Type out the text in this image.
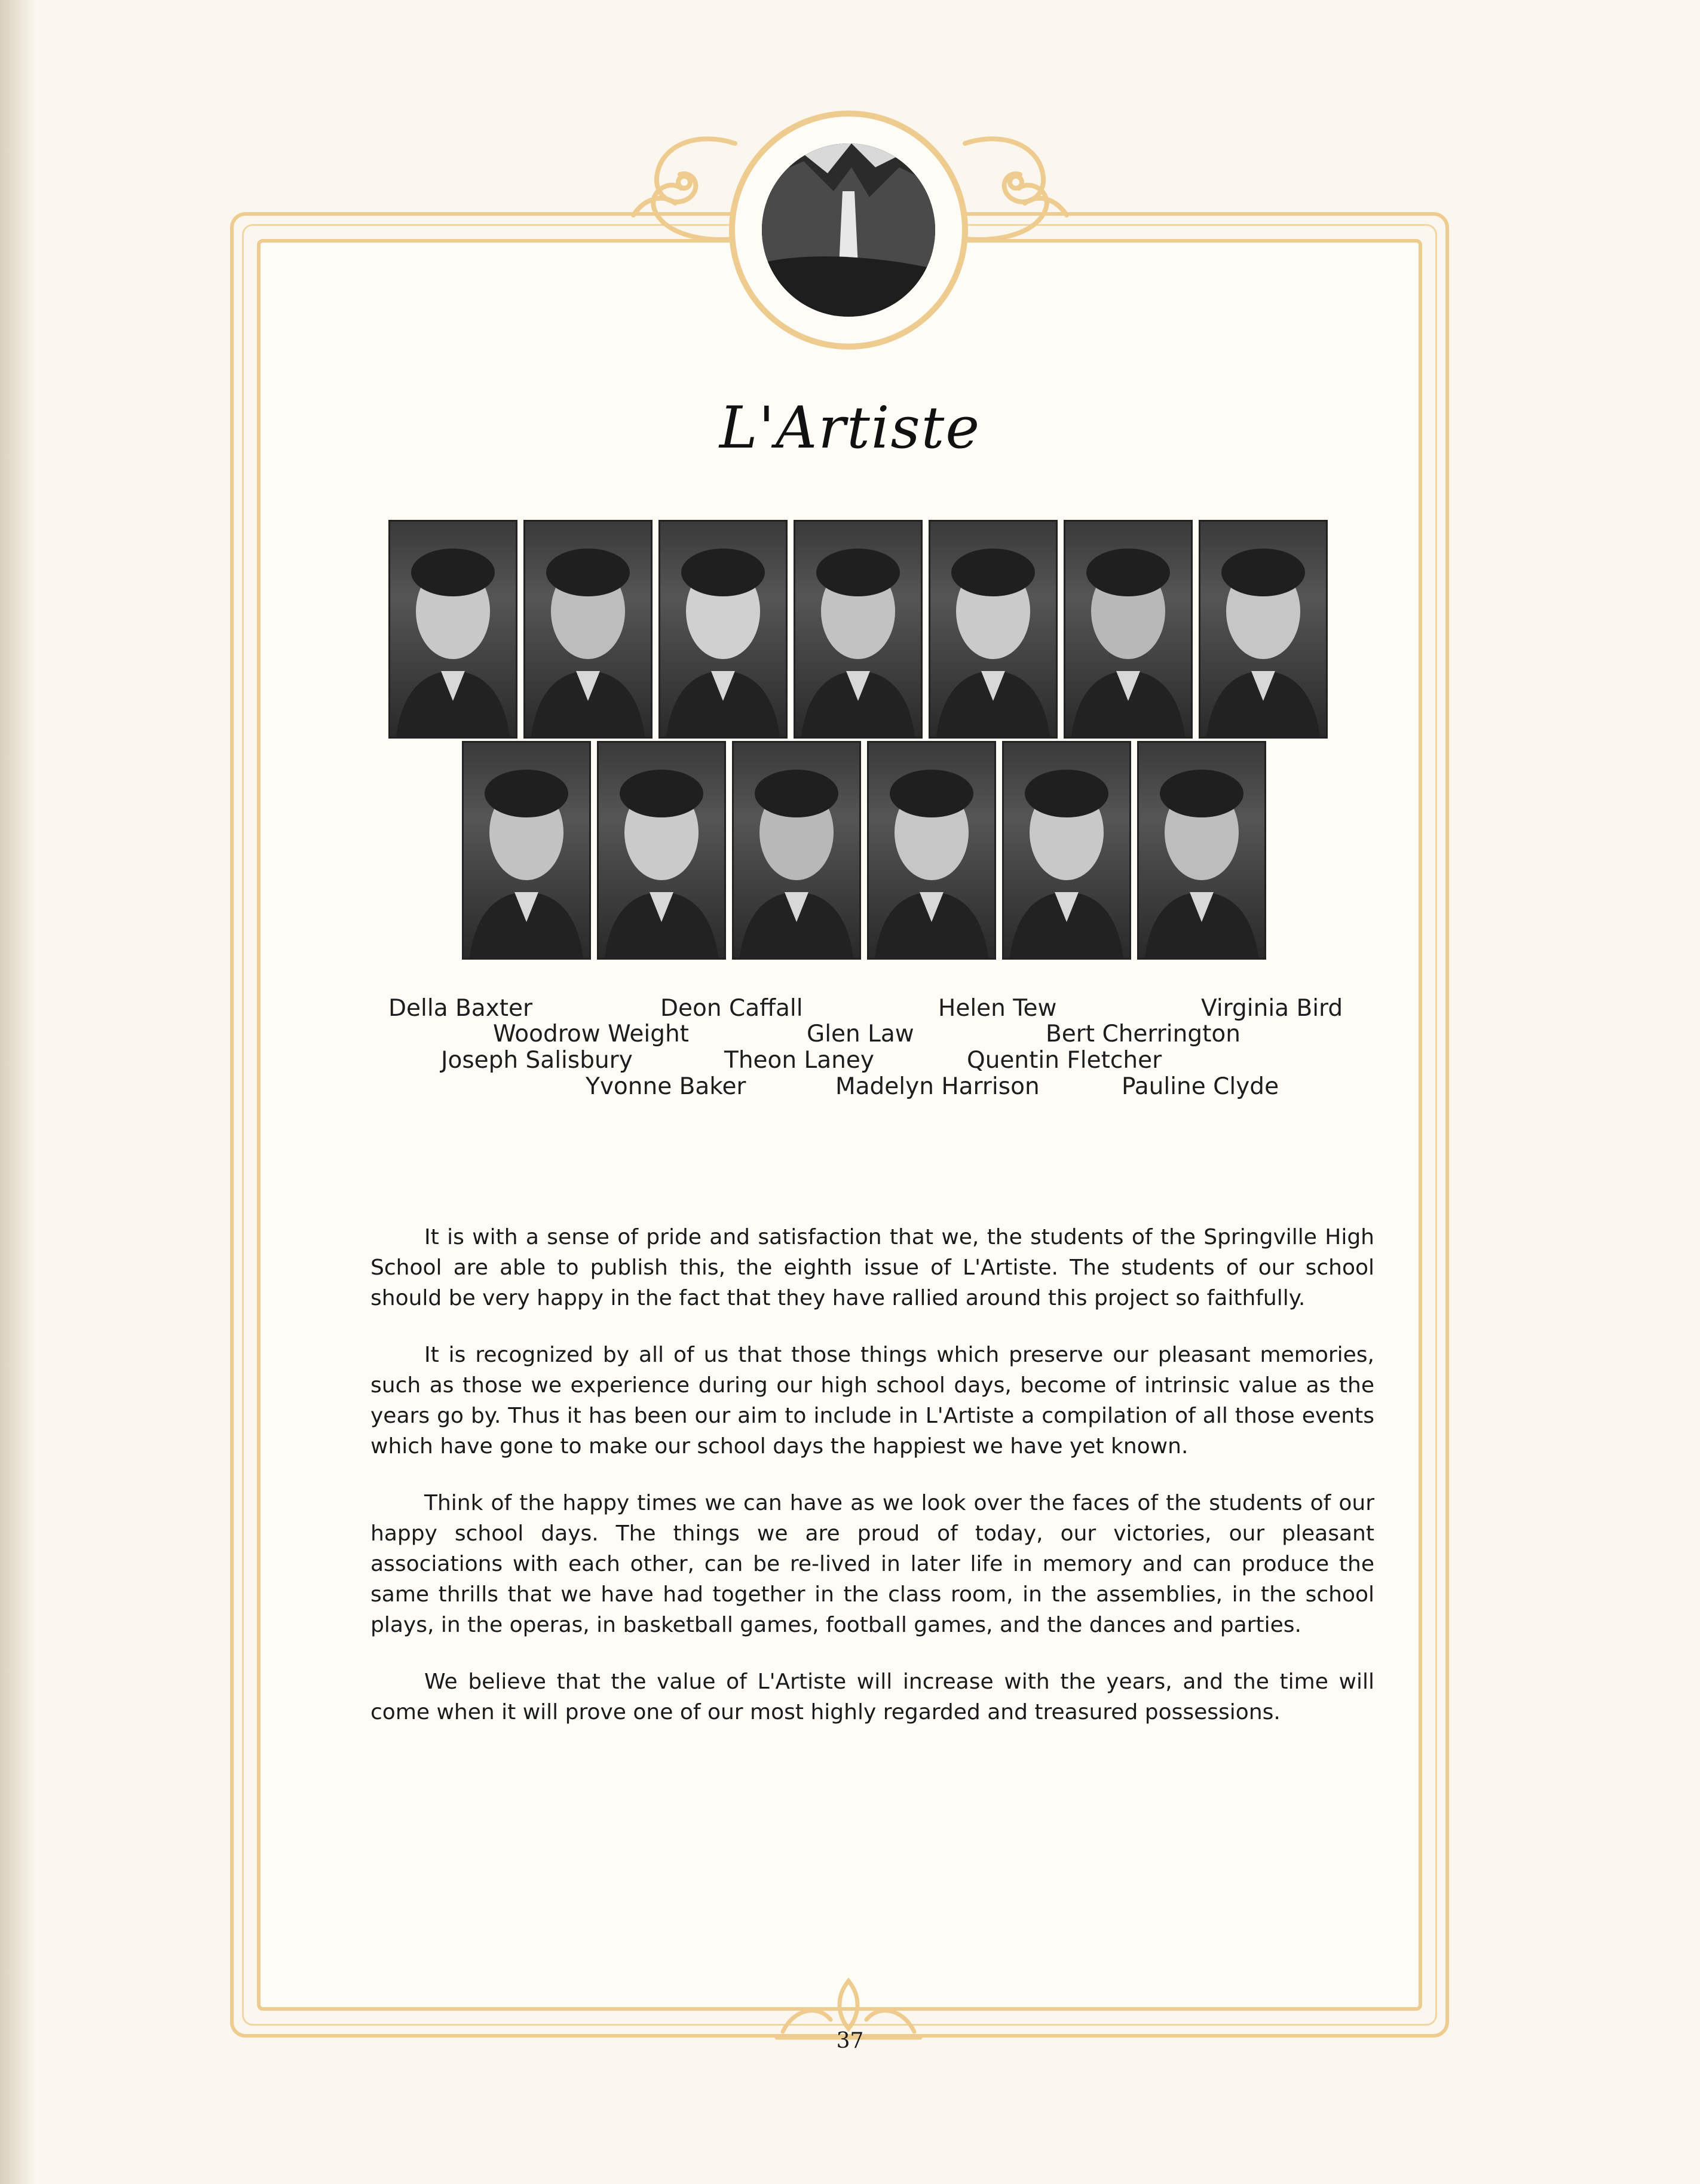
L'Artiste
Della Baxter	Deon Caffall	Helen Tew	Virginia Bird
Woodrow Weight	Glen Law	Bert Cherrington
Joseph Salisbury	Theon Laney	Quentin Fletcher
Yvonne Baker	Madelyn Harrison	Pauline Clyde

It is with a sense of pride and satisfaction that we, the students of the Springville High School are able to publish this, the eighth issue of L'Artiste. The students of our school should be very happy in the fact that they have rallied around this project so faithfully.

It is recognized by all of us that those things which preserve our pleasant memories, such as those we experience during our high school days, become of intrinsic value as the years go by. Thus it has been our aim to include in L'Artiste a compilation of all those events which have gone to make our school days the happiest we have yet known.

Think of the happy times we can have as we look over the faces of the students of our happy school days. The things we are proud of today, our victories, our pleasant associations with each other, can be re-lived in later life in memory and can produce the same thrills that we have had together in the class room, in the assemblies, in the school plays, in the operas, in basketball games, football games, and the dances and parties.

We believe that the value of L'Artiste will increase with the years, and the time will come when it will prove one of our most highly regarded and treasured possessions.

37
